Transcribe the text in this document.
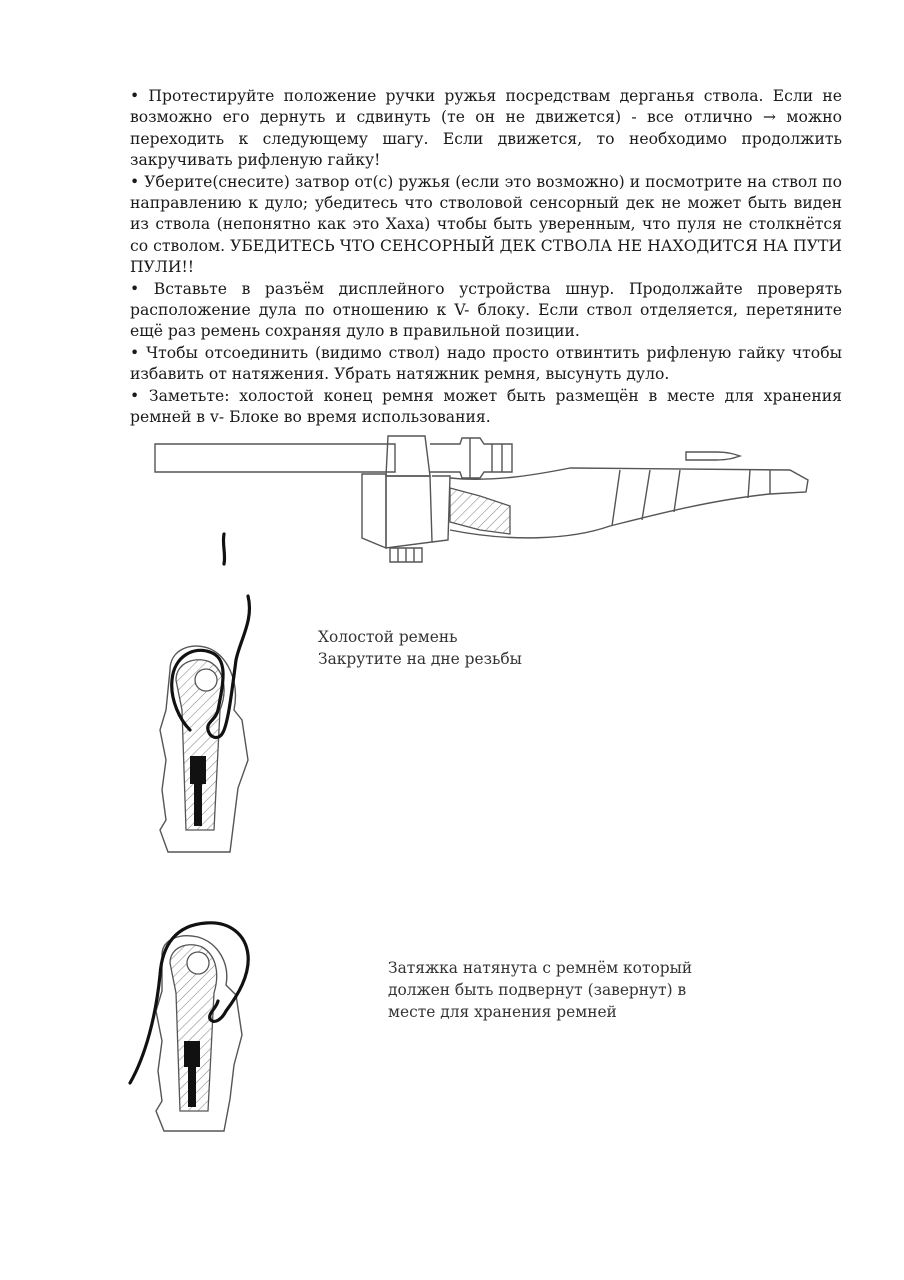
• Протестируйте положение ручки ружья посредствам дерганья ствола. Если не возможно его дернуть и сдвинуть (те он не движется) - все отлично → можно переходить к следующему шагу. Если движется, то необходимо продолжить закручивать рифленую гайку!

• Уберите(снесите) затвор от(с) ружья (если это возможно) и посмотрите на ствол по направлению к дуло; убедитесь что стволовой сенсорный дек не может быть виден из ствола (непонятно как это Хаха) чтобы быть уверенным, что пуля не столкнётся со стволом. УБЕДИТЕСЬ ЧТО СЕНСОРНЫЙ ДЕК СТВОЛА НЕ НАХОДИТСЯ НА ПУТИ ПУЛИ!!

• Вставьте в разъём дисплейного устройства шнур. Продолжайте проверять расположение дула по отношению к V- блоку. Если ствол отделяется, перетяните ещё раз ремень сохраняя дуло в правильной позиции.

• Чтобы отсоединить (видимо ствол) надо просто отвинтить рифленую гайку чтобы избавить от натяжения. Убрать натяжник ремня, высунуть дуло.

• Заметьте: холостой конец ремня может быть размещён в месте для хранения ремней в v- Блоке во время использования.

Холостой ремень
Закрутите на дне резьбы
Затяжка натянута с ремнём который
должен быть подвернут (завернут) в
месте для хранения ремней
